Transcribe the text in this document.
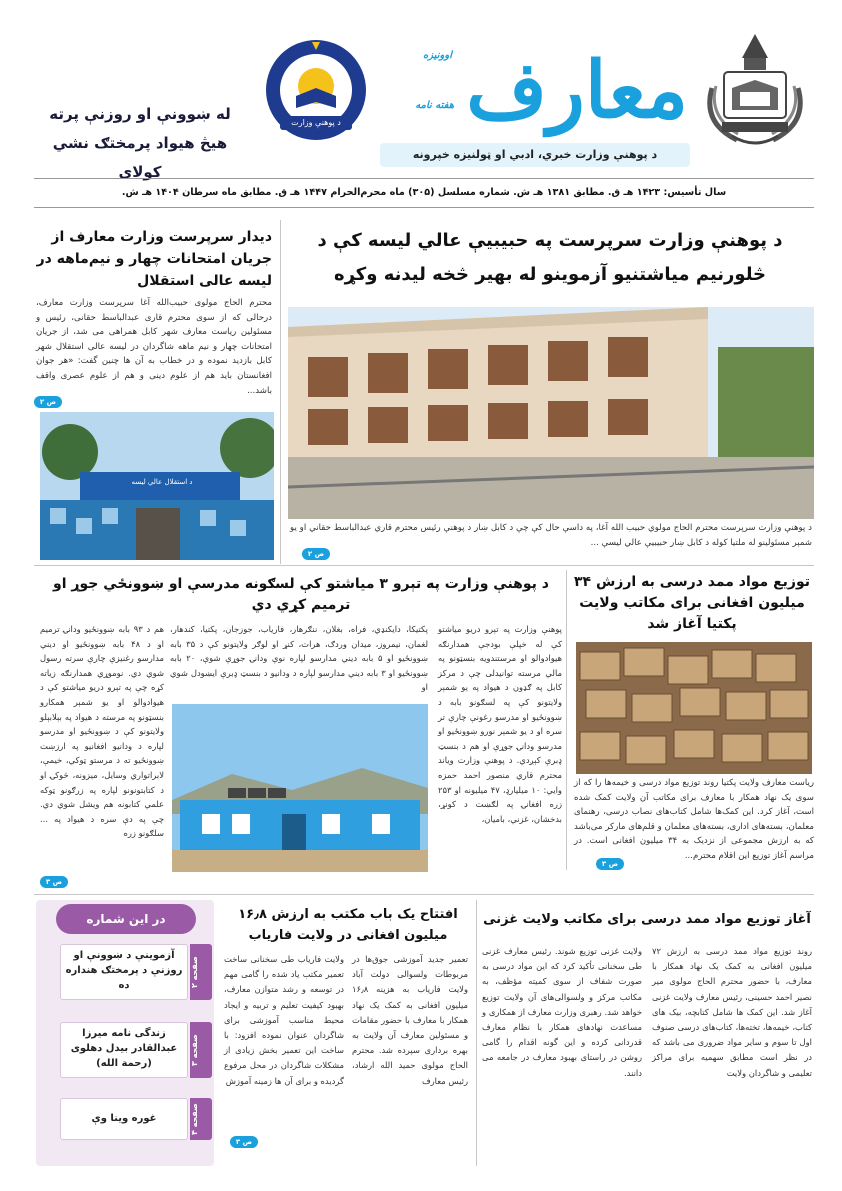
د پوهنې وزارت معارف
هفته نامه
اوونیزه
د پوهنې وزارت خبري، ادبي او ټولنیزه خپرونه
له ښوونې او روزنې پرته هیڅ هیواد پرمختګ نشي کولای
سال تأسیس: ۱۴۲۳ هـ ق. مطابق ۱۳۸۱ هـ ش. شماره مسلسل (۳۰۵) ماه محرم‌الحرام ۱۴۴۷ هـ ق. مطابق ماه سرطان ۱۴۰۴ هـ ش.
د پوهنې وزارت سرپرست په حبیبیې عالي لیسه کې د څلورنیم میاشتنیو آزموینو له بهیر څخه لیدنه وکړه
د پوهنې وزارت سرپرست محترم الحاج مولوي حبیب الله آغا، په داسې حال کې چې د کابل ښار د پوهنې رئیس محترم قاري عبدالباسط حقاني او يو شمېر مسئولینو له ملتیا کوله د کابل ښار حبیبیې عالي لیسې ...
ص ۲
دیدار سرپرست وزارت معارف از جریان امتحانات چهار و نیم‌ماهه در لیسه عالی استقلال
محترم الحاج مولوی حبیب‌الله آغا سرپرست وزارت معارف، درحالی که از سوی محترم قاری عبدالباسط حقانی، رئیس و مسئولین ریاست معارف شهر کابل همراهی می شد، از جریان امتحانات چهار و نیم ماهه شاگردان در لیسه عالی استقلال شهر کابل بازدید نموده و در خطاب به آن ها چنین گفت: «هر جوان افغانستان باید هم از علوم دینی و هم از علوم عصری واقف باشد...
ص ۲
د استقلال عالي لیسه
توزیع مواد ممد درسی به ارزش ۳۴ میلیون افغانی برای مکاتب ولایت پکتیا آغاز شد
ریاست معارف ولایت پکتیا روند توزیع مواد درسی و خیمه‌ها را که از سوی یک نهاد همکار با معارف برای مکاتب آن ولایت کمک شده است، آغاز کرد. این کمک‌ها شامل کتاب‌های نصاب درسی، رهنمای معلمان، بسته‌های اداری، بسته‌های معلمان و قلم‌های مارکر می‌باشد که به ارزش مجموعی از نزدیک به ۳۴ میلیون افغانی است. در مراسم آغاز توزیع این اقلام محترم...
ص ۳
د پوهنې وزارت په تېرو ۳ میاشتو کې لسګونه مدرسې او ښوونځي جوړ او ترمیم کړي دي
پوهنې وزارت په تېرو دریو میاشتو کې له خپلې بودجې همدارنګه هیوادوالو او مرستندویه بنسټونو په مالي مرسته توانیدلی چې د مرکز کابل په ګډون د هیواد په یو شمېر ولایتونو کې په لسګونو بابه د ښوونځیو او مدرسو رغونې چارې تر سره او د یو شمېر نورو ښوونځیو او مدرسو ودانۍ جوړې او هم د بنسټ ډبرې کېږدي. د پوهنې وزارت وياند محترم قاري منصور احمد حمزه وایي: ۱۰ میلیارډ، ۴۷ میلیونه او ۲۵۳ زره افغانۍ په لګښت د کونړ، بدخشان، غزني، بامیان،
پکتیکا، دایکنډي، فراه، بغلان، ننګرهار، فاریاب، جوزجان، پکتیا، کندهار، لغمان، نیمروز، میدان وردګ، هرات، کنړ او لوګر ولایتونو کې د ۳۵ بابه ښوونځیو او ۵ بابه دیني مدارسو لپاره نوې ودانۍ جوړې شوې، ۲۰ بابه ښوونځیو او ۳ بابه دیني مدارسو لپاره د ودانیو د بنسټ ډبرې ایښودل شوي او
هم د ۹۳ بابه ښوونځیو ودانۍ ترمیم او د ۴۸ بابه ښوونځیو او دیني مدارسو رغنيزې چارې سرته رسول شوي دي. نوموړي همدارنګه زیاته کړه چې په تېرو دریو میاشتو کې د هیوادوالو او یو شمېر همکارو بنسټونو په مرسته د هیواد په بېلابېلو ولایتونو کې د ښوونځیو او مدرسو لپاره د ودانیو افغانيو په ارزښت ښوونځیو ته د مرستو ټوکي، خيمې، لابراتواري وسایل، میزونه، څوکۍ او د کتابتونونو لپاره په زرګونو ټوکه علمي کتابونه هم ویشل شوي دي. چې په دې سره د هیواد په ... سلګونو زره
ص ۳
در این شماره
آزموینې د ښوونې او روزنې د پرمختګ هنداره ده	صفحه ۲
زندگی نامه میرزا عبدالقادر بیدل دهلوی (رحمة الله)	صفحه ۳
غوره وینا وې
صفحه ۴
افتتاح یک باب مکتب به ارزش ۱۶٫۸ میلیون افغانی در ولایت فاریاب
تعمیر جدید آموزشی جوق‌ها در مربوطات ولسوالی دولت آباد ولایت فاریاب به هزینه ۱۶٫۸ میلیون افغانی به کمک یک نهاد همکار با معارف با حضور مقامات و مسئولین معارف آن ولایت به بهره برداری سپرده شد. محترم الحاج مولوی حمید الله ارشاد، رئیس معارف
ولایت فاریاب طی سخنانی ساخت تعمیر مکتب یاد شده را گامی مهم در توسعه و رشد متوازن معارف، بهبود کیفیت تعلیم و تربیه و ایجاد محیط مناسب آموزشی برای شاگردان عنوان نموده افزود: با ساخت این تعمیر بخش زیادی از مشکلات شاگردان در محل مرفوع گردیده و برای آن ها زمینه آموزش
ص ۳
آغاز توزیع مواد ممد درسی برای مکاتب ولایت غزنی
روند توزیع مواد ممد درسی به ارزش ۷۲ میلیون افغانی به کمک یک نهاد همکار با معارف، با حضور محترم الحاج مولوی میر نصیر احمد حسینی، رئیس معارف ولایت غزنی آغاز شد. این کمک ها شامل کتابچه، بیک های کتاب، خیمه‌ها، تخته‌ها، کتاب‌های درسی صنوف اول تا سوم و سایر مواد ضروری می باشد که در نظر است مطابق سهمیه برای مراکز تعلیمی و شاگردان ولایت
ولایت غزنی توزیع شوند. رئیس معارف غزنی طی سخنانی تأکید کرد که این مواد درسی به صورت شفاف از سوی کمیته مؤظف، به مکاتب مرکز و ولسوالی‌های آن ولایت توزیع خواهد شد. رهبری وزارت معارف از همکاری و مساعدت نهادهای همکار با نظام معارف قدردانی کرده و این گونه اقدام را گامی روشن در راستای بهبود معارف در جامعه می دانند.
